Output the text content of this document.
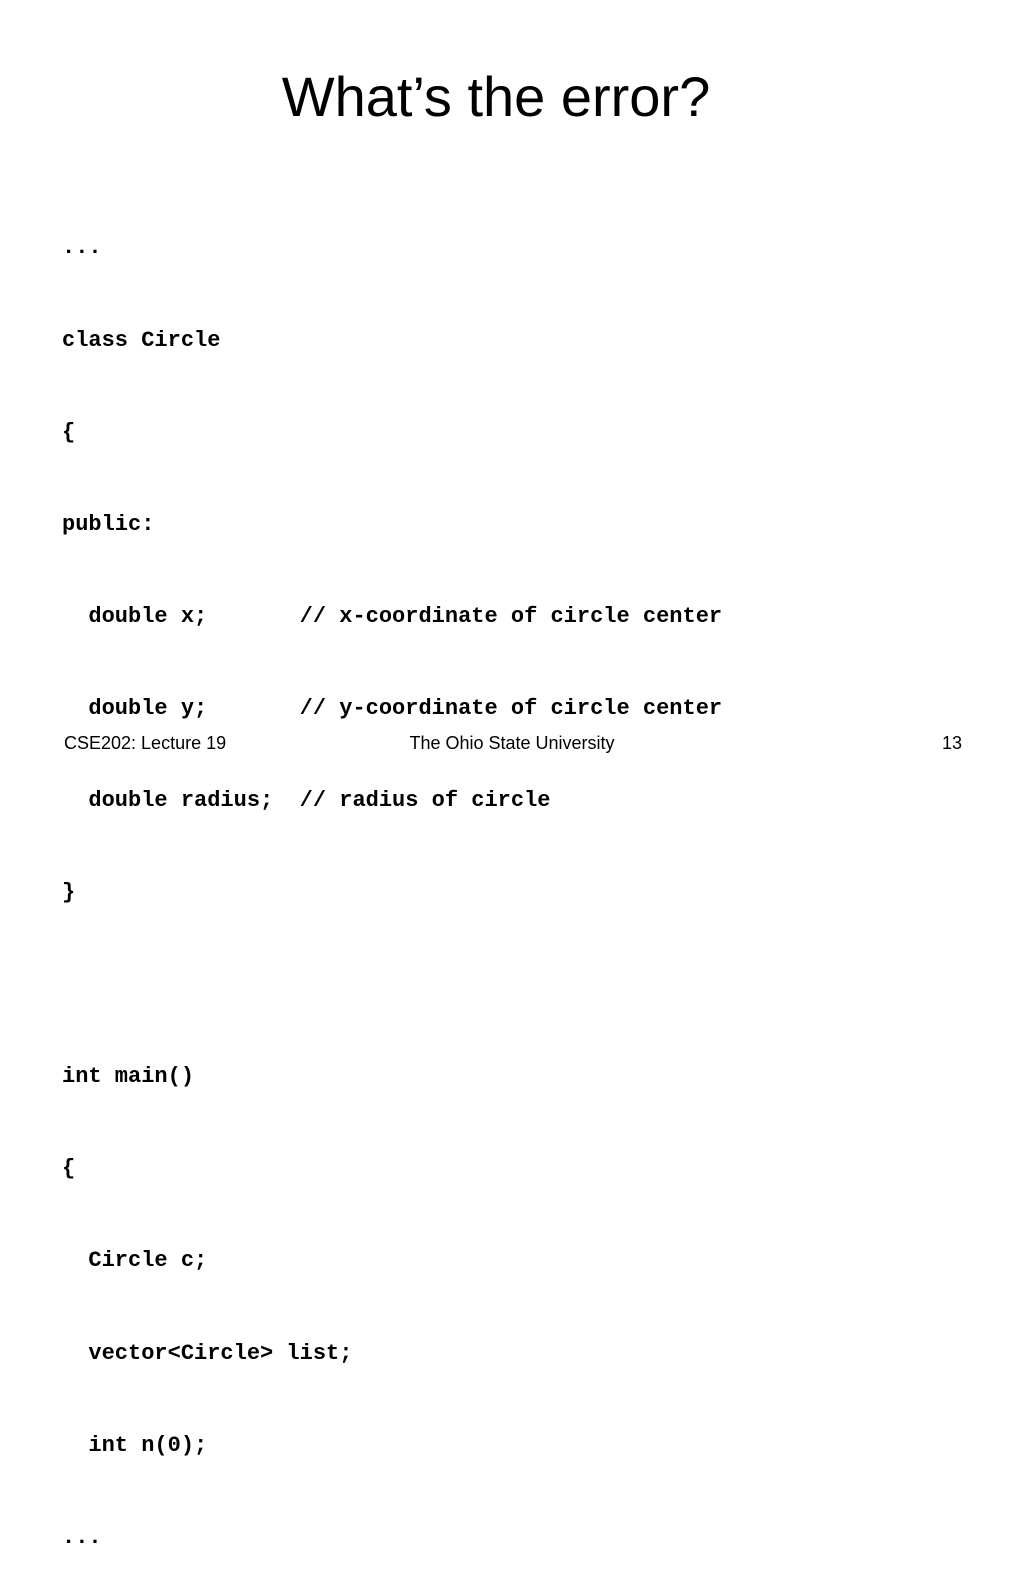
What’s the error?

...

class Circle

{

public:

double x;       // x-coordinate of circle center

double y;       // y-coordinate of circle center

double radius;  // radius of circle

}

int main()

{

Circle c;

vector<Circle> list;

int n(0);

...

CSE202: Lecture 19	The Ohio State University	13
